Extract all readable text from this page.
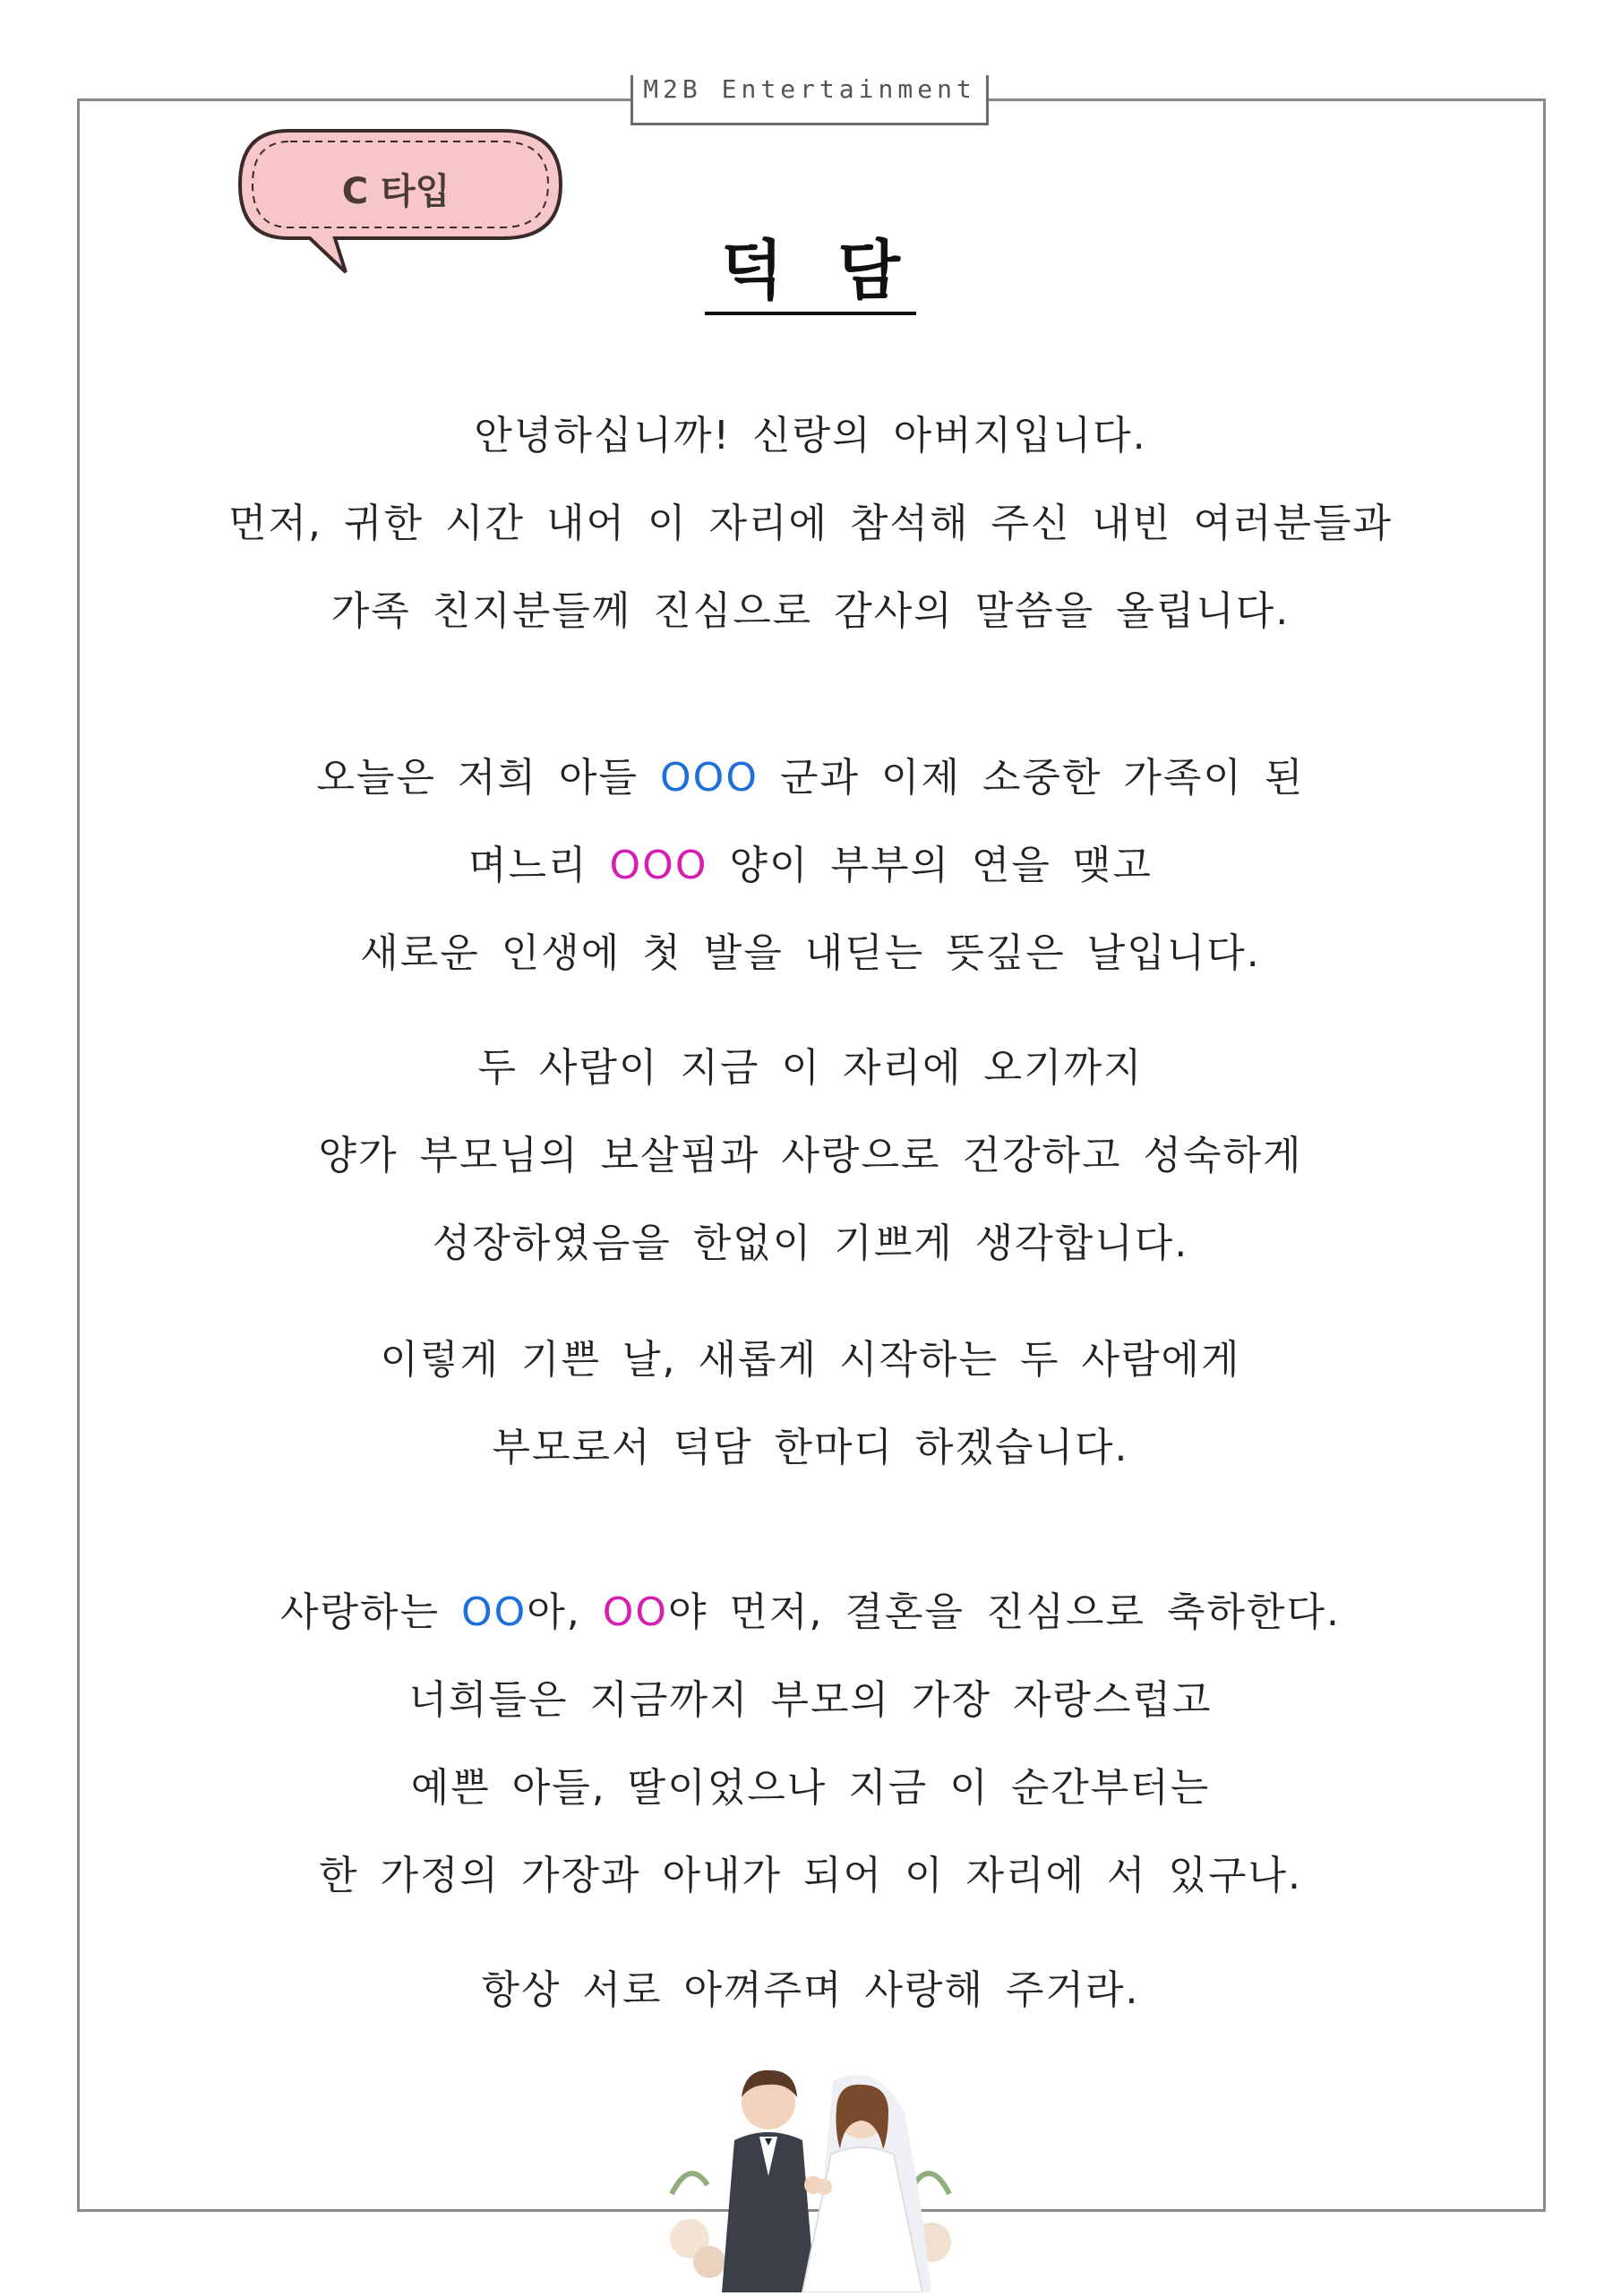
M2B Entertainment
C 타입
덕 담
안녕하십니까! 신랑의 아버지입니다.
먼저, 귀한 시간 내어 이 자리에 참석해 주신 내빈 여러분들과
가족 친지분들께 진심으로 감사의 말씀을 올립니다.
오늘은 저희 아들 OOO 군과 이제 소중한 가족이 된
며느리 OOO 양이 부부의 연을 맺고
새로운 인생에 첫 발을 내딛는 뜻깊은 날입니다.
두 사람이 지금 이 자리에 오기까지
양가 부모님의 보살핌과 사랑으로 건강하고 성숙하게
성장하였음을 한없이 기쁘게 생각합니다.
이렇게 기쁜 날, 새롭게 시작하는 두 사람에게
부모로서 덕담 한마디 하겠습니다.
사랑하는 OO아, OO야 먼저, 결혼을 진심으로 축하한다.
너희들은 지금까지 부모의 가장 자랑스럽고
예쁜 아들, 딸이었으나 지금 이 순간부터는
한 가정의 가장과 아내가 되어 이 자리에 서 있구나.
항상 서로 아껴주며 사랑해 주거라.
